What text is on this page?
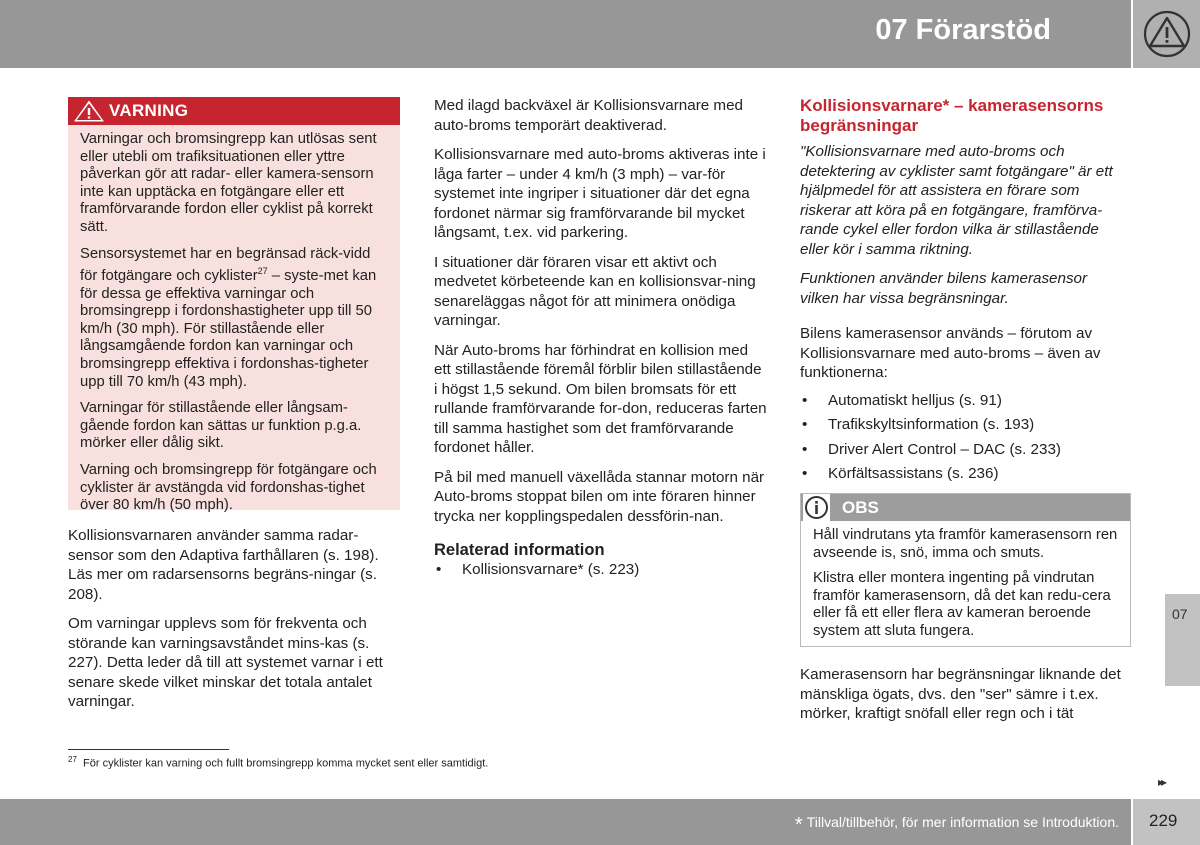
07 Förarstöd
VARNING

Varningar och bromsingrepp kan utlösas sent eller utebli om trafiksituationen eller yttre påverkan gör att radar- eller kamera-sensorn inte kan upptäcka en fotgängare eller ett framförvarande fordon eller cyklist på korrekt sätt.

Sensorsystemet har en begränsad räck-vidd för fotgängare och cyklister$^{27}$ – syste-met kan för dessa ge effektiva varningar och bromsingrepp i fordonshastigheter upp till 50 km/h (30 mph). För stillastående eller långsamgående fordon kan varningar och bromsingrepp effektiva i fordonshas-tigheter upp till 70 km/h (43 mph).

Varningar för stillastående eller långsam-gående fordon kan sättas ur funktion p.g.a. mörker eller dålig sikt.

Varning och bromsingrepp för fotgängare och cyklister är avstängda vid fordonshas-tighet över 80 km/h (50 mph).

Kollisionsvarnaren använder samma radar-sensor som den Adaptiva farthållaren (s. 198). Läs mer om radarsensorns begräns-ningar (s. 208).

Om varningar upplevs som för frekventa och störande kan varningsavståndet mins-kas (s. 227). Detta leder då till att systemet varnar i ett senare skede vilket minskar det totala antalet varningar.

Med ilagd backväxel är Kollisionsvarnare med auto-broms temporärt deaktiverad.

Kollisionsvarnare med auto-broms aktiveras inte i låga farter – under 4 km/h (3 mph) – var-för systemet inte ingriper i situationer där det egna fordonet närmar sig framförvarande bil mycket långsamt, t.ex. vid parkering.

I situationer där föraren visar ett aktivt och medvetet körbeteende kan en kollisionsvar-ning senareläggas något för att minimera onödiga varningar.

När Auto-broms har förhindrat en kollision med ett stillastående föremål förblir bilen stillastående i högst 1,5 sekund. Om bilen bromsats för ett rullande framförvarande for-don, reduceras farten till samma hastighet som det framförvarande fordonet håller.

På bil med manuell växellåda stannar motorn när Auto-broms stoppat bilen om inte föraren hinner trycka ner kopplingspedalen dessförin-nan.

Relaterad information
• Kollisionsvarnare* (s. 223)
Kollisionsvarnare* – kamerasensorns begränsningar

"Kollisionsvarnare med auto-broms och detektering av cyklister samt fotgängare" är ett hjälpmedel för att assistera en förare som riskerar att köra på en fotgängare, framförva-rande cykel eller fordon vilka är stillastående eller kör i samma riktning.

Funktionen använder bilens kamerasensor vilken har vissa begränsningar.

Bilens kamerasensor används – förutom av Kollisionsvarnare med auto-broms – även av funktionerna:

• Automatiskt helljus (s. 91)
• Trafikskyltsinformation (s. 193)
• Driver Alert Control – DAC (s. 233)
• Körfältsassistans (s. 236)
OBS

Håll vindrutans yta framför kamerasensorn ren avseende is, snö, imma och smuts.

Klistra eller montera ingenting på vindrutan framför kamerasensorn, då det kan redu-cera eller få ett eller flera av kameran beroende system att sluta fungera.

Kamerasensorn har begränsningar liknande det mänskliga ögats, dvs. den "ser" sämre i t.ex. mörker, kraftigt snöfall eller regn och i tät

07
$^{27}$ För cyklister kan varning och fullt bromsingrepp komma mycket sent eller samtidigt.
▸▸
* Tillval/tillbehör, för mer information se Introduktion. 229
